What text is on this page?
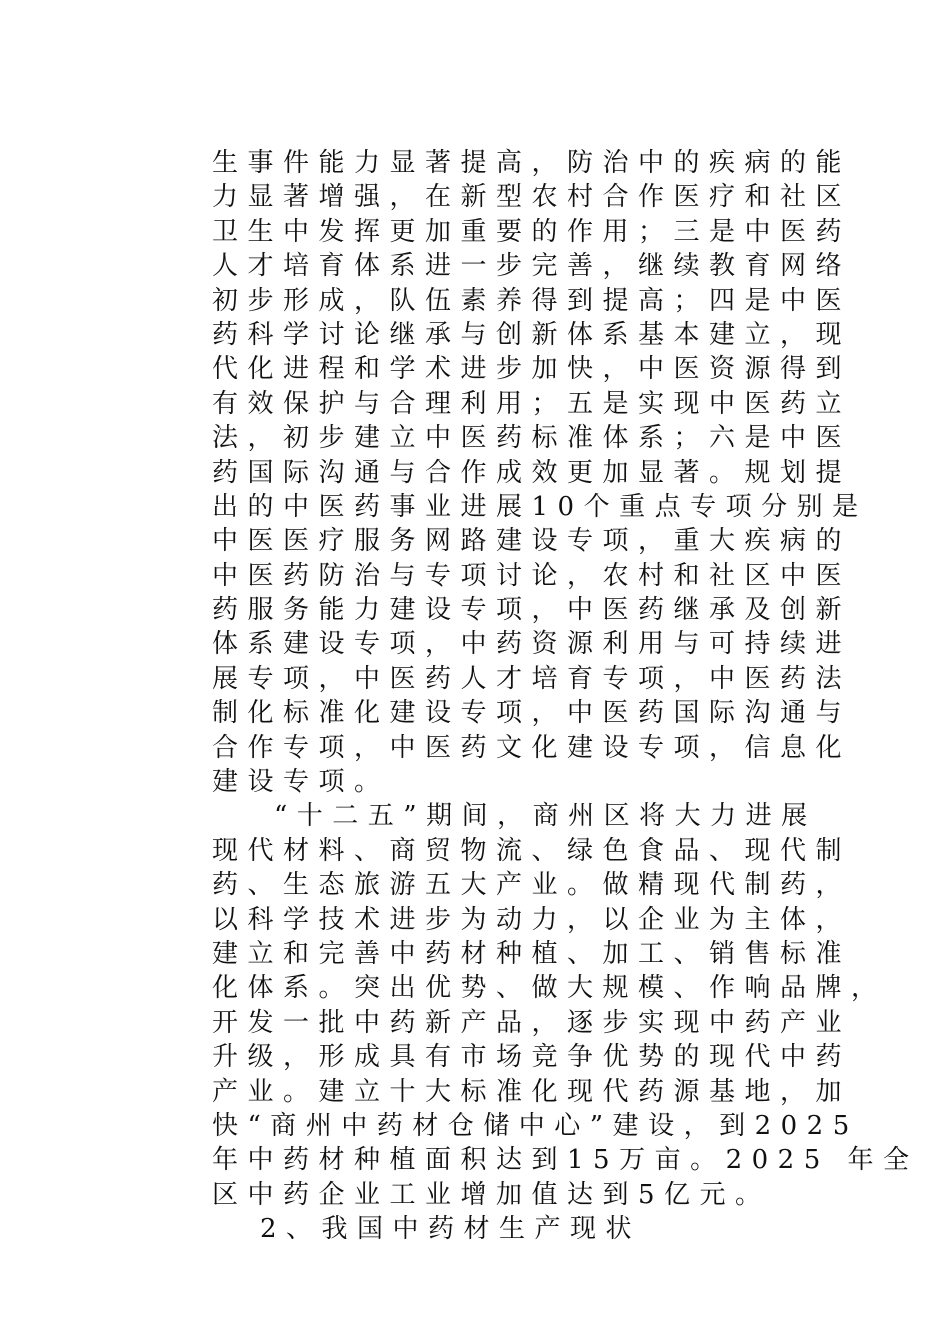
生事件能力显著提高，防治中的疾病的能
力显著增强，在新型农村合作医疗和社区
卫生中发挥更加重要的作用；三是中医药
人才培育体系进一步完善，继续教育网络
初步形成，队伍素养得到提高；四是中医
药科学讨论继承与创新体系基本建立，现
代化进程和学术进步加快，中医资源得到
有效保护与合理利用；五是实现中医药立
法，初步建立中医药标准体系；六是中医
药国际沟通与合作成效更加显著。规划提
出的中医药事业进展10个重点专项分别是
中医医疗服务网路建设专项，重大疾病的
中医药防治与专项讨论，农村和社区中医
药服务能力建设专项，中医药继承及创新
体系建设专项，中药资源利用与可持续进
展专项，中医药人才培育专项，中医药法
制化标准化建设专项，中医药国际沟通与
合作专项，中医药文化建设专项，信息化
建设专项。
“十二五”期间，商州区将大力进展
现代材料、商贸物流、绿色食品、现代制
药、生态旅游五大产业。做精现代制药，
以科学技术进步为动力，以企业为主体，
建立和完善中药材种植、加工、销售标准
化体系。突出优势、做大规模、作响品牌，
开发一批中药新产品，逐步实现中药产业
升级，形成具有市场竞争优势的现代中药
产业。建立十大标准化现代药源基地，加
快“商州中药材仓储中心”建设，到2025
年中药材种植面积达到15万亩。2025 年全
区中药企业工业增加值达到5亿元。
2、我国中药材生产现状
